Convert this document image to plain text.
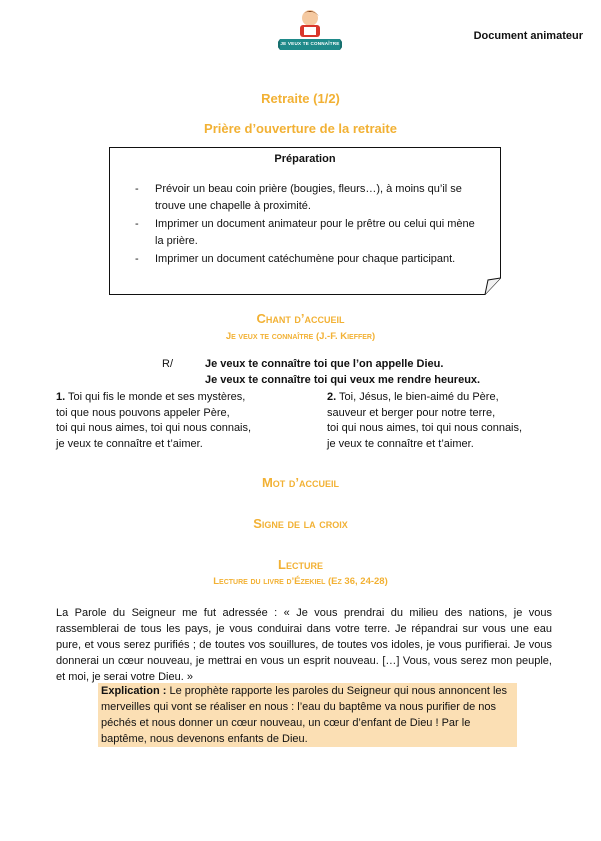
JE VEUX TE CONNAÎTRE
Document animateur
Retraite (1/2)
Prière d’ouverture de la retraite
Préparation
- Prévoir un beau coin prière (bougies, fleurs…), à moins qu’il se trouve une chapelle à proximité.
- Imprimer un document animateur pour le prêtre ou celui qui mène la prière.
- Imprimer un document catéchumène pour chaque participant.
Chant d’accueil
Je veux te connaître (J.-F. Kieffer)
R/	Je veux te connaître toi que l’on appelle Dieu.
Je veux te connaître toi qui veux me rendre heureux.
1. Toi qui fis le monde et ses mystères,
toi que nous pouvons appeler Père,
toi qui nous aimes, toi qui nous connais,
je veux te connaître et t’aimer.
2. Toi, Jésus, le bien-aimé du Père,
sauveur et berger pour notre terre,
toi qui nous aimes, toi qui nous connais,
je veux te connaître et t’aimer.
Mot d’accueil
Signe de la croix
Lecture
Lecture du livre d’Ézekiel (Ez 36, 24-28)
La Parole du Seigneur me fut adressée : « Je vous prendrai du milieu des nations, je vous rassemblerai de tous les pays, je vous conduirai dans votre terre. Je répandrai sur vous une eau pure, et vous serez purifiés ; de toutes vos souillures, de toutes vos idoles, je vous purifierai. Je vous donnerai un cœur nouveau, je mettrai en vous un esprit nouveau. […] Vous, vous serez mon peuple, et moi, je serai votre Dieu. »
Explication : Le prophète rapporte les paroles du Seigneur qui nous annoncent les merveilles qui vont se réaliser en nous : l’eau du baptême va nous purifier de nos péchés et nous donner un cœur nouveau, un cœur d’enfant de Dieu ! Par le baptême, nous devenons enfants de Dieu.
